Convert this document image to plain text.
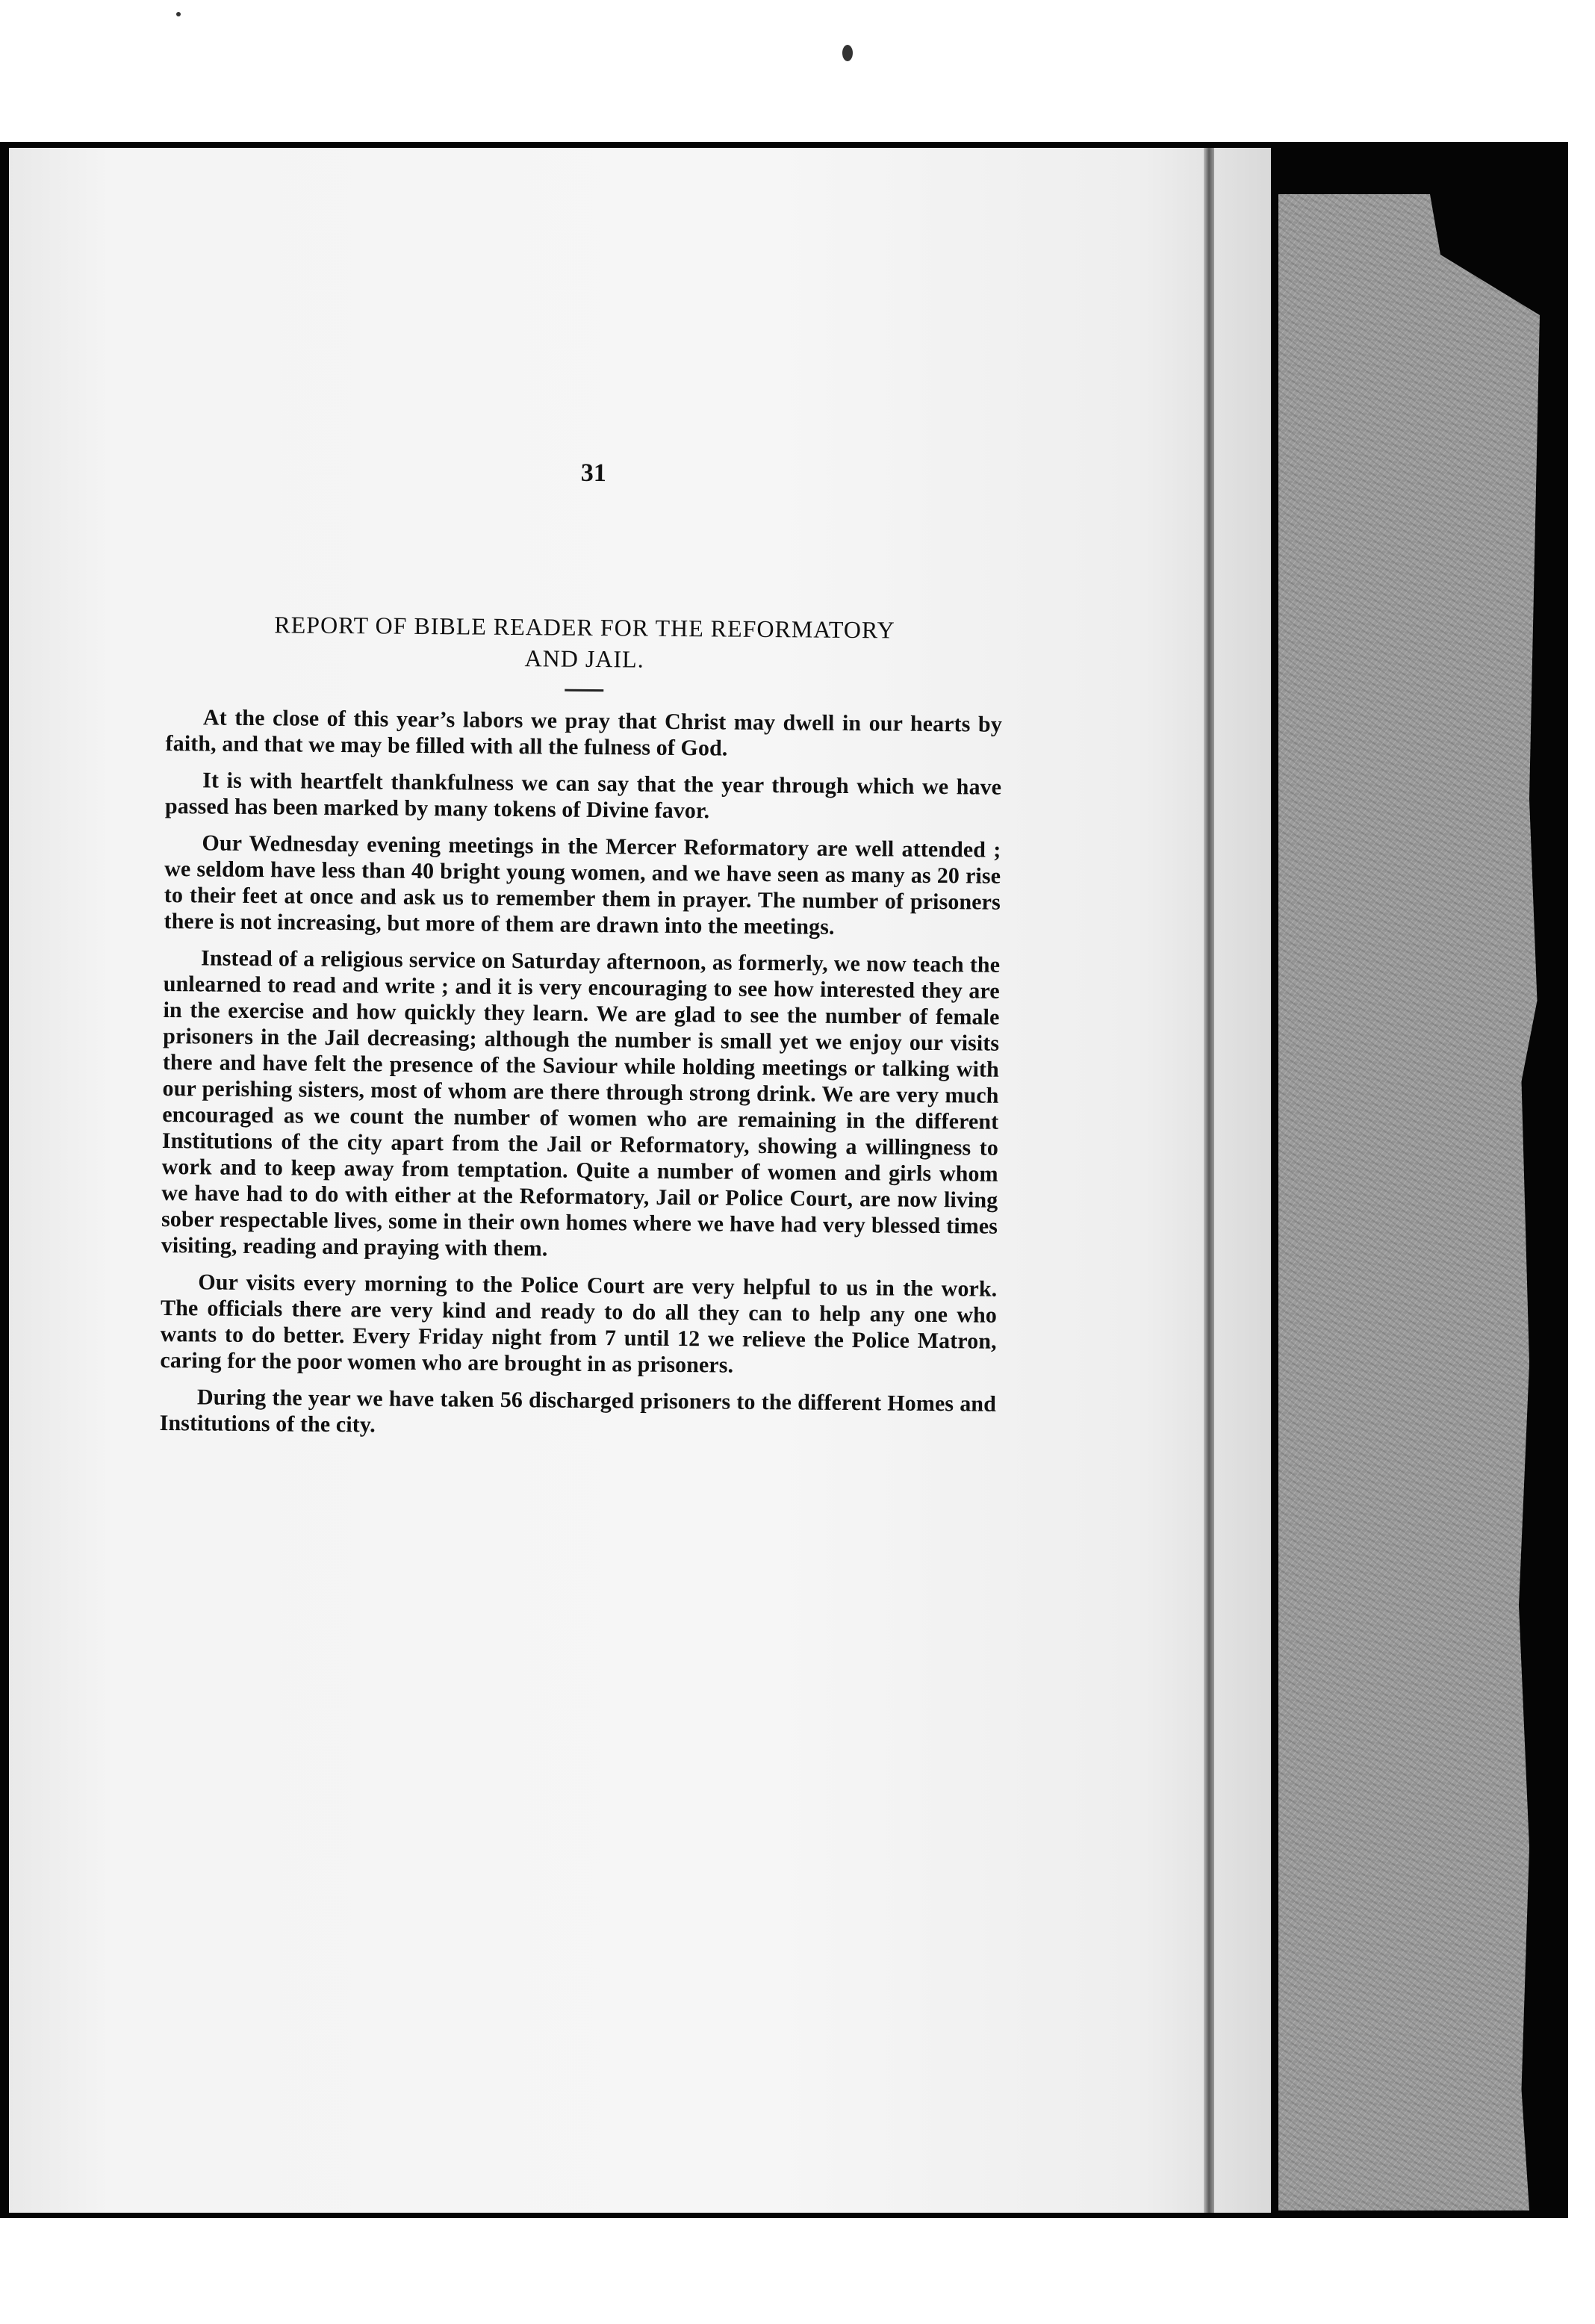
31
REPORT OF BIBLE READER FOR THE REFORMATORY
AND JAIL.

At the close of this year’s labors we pray that Christ may dwell in our hearts by faith, and that we may be filled with all the fulness of God.

It is with heartfelt thankfulness we can say that the year through which we have passed has been marked by many tokens of Divine favor.

Our Wednesday evening meetings in the Mercer Reformatory are well attended ; we seldom have less than 40 bright young women, and we have seen as many as 20 rise to their feet at once and ask us to remember them in prayer. The number of prisoners there is not increasing, but more of them are drawn into the meetings.

Instead of a religious service on Saturday afternoon, as formerly, we now teach the unlearned to read and write ; and it is very encouraging to see how interested they are in the exercise and how quickly they learn. We are glad to see the number of female prisoners in the Jail decreasing; although the number is small yet we enjoy our visits there and have felt the presence of the Saviour while holding meetings or talking with our perishing sisters, most of whom are there through strong drink. We are very much encouraged as we count the number of women who are remaining in the different Institutions of the city apart from the Jail or Reformatory, showing a willingness to work and to keep away from temptation. Quite a number of women and girls whom we have had to do with either at the Reformatory, Jail or Police Court, are now living sober respectable lives, some in their own homes where we have had very blessed times visiting, reading and praying with them.

Our visits every morning to the Police Court are very helpful to us in the work. The officials there are very kind and ready to do all they can to help any one who wants to do better. Every Friday night from 7 until 12 we relieve the Police Matron, caring for the poor women who are brought in as prisoners.

During the year we have taken 56 discharged prisoners to the different Homes and Institutions of the city.
